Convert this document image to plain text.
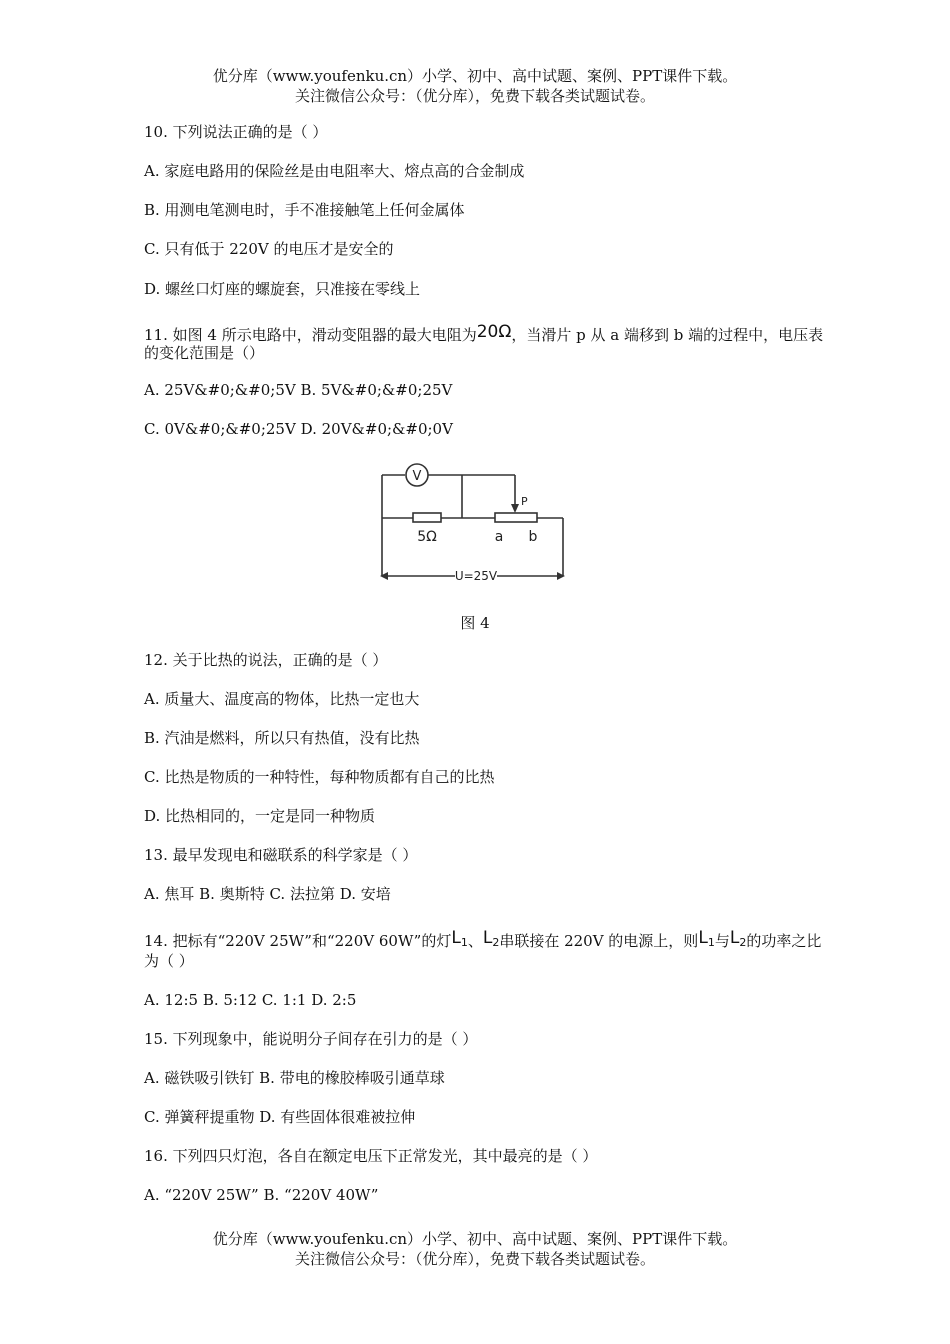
优分库（www.youfenku.cn）小学、初中、高中试题、案例、PPT课件下载。
关注微信公众号：（优分库），免费下载各类试题试卷。
10. 下列说法正确的是（ ）
A. 家庭电路用的保险丝是由电阻率大、熔点高的合金制成
B. 用测电笔测电时，手不准接触笔上任何金属体
C. 只有低于 220V 的电压才是安全的
D. 螺丝口灯座的螺旋套，只准接在零线上
11. 如图 4 所示电路中，滑动变阻器的最大电阻为20Ω，当滑片 p 从 a 端移到 b 端的过程中，电压表的变化范围是（）
A. 25V&#0;&#0;5V B. 5V&#0;&#0;25V
C. 0V&#0;&#0;25V D. 20V&#0;&#0;0V
V
P
5Ω	a b
U=25V
图 4
12. 关于比热的说法，正确的是（ ）
A. 质量大、温度高的物体，比热一定也大
B. 汽油是燃料，所以只有热值，没有比热
C. 比热是物质的一种特性，每种物质都有自己的比热
D. 比热相同的，一定是同一种物质
13. 最早发现电和磁联系的科学家是（ ）
A. 焦耳 B. 奥斯特 C. 法拉第 D. 安培
14. 把标有“220V 25W”和“220V 60W”的灯$L_1$、$L_2$串联接在 220V 的电源上，则$L_1$与$L_2$的功率之比为（ ）
A. 12:5 B. 5:12 C. 1:1 D. 2:5
15. 下列现象中，能说明分子间存在引力的是（ ）
A. 磁铁吸引铁钉 B. 带电的橡胶棒吸引通草球
C. 弹簧秤提重物 D. 有些固体很难被拉伸
16. 下列四只灯泡，各自在额定电压下正常发光，其中最亮的是（ ）
A. “220V 25W” B. “220V 40W”
优分库（www.youfenku.cn）小学、初中、高中试题、案例、PPT课件下载。
关注微信公众号：（优分库），免费下载各类试题试卷。
